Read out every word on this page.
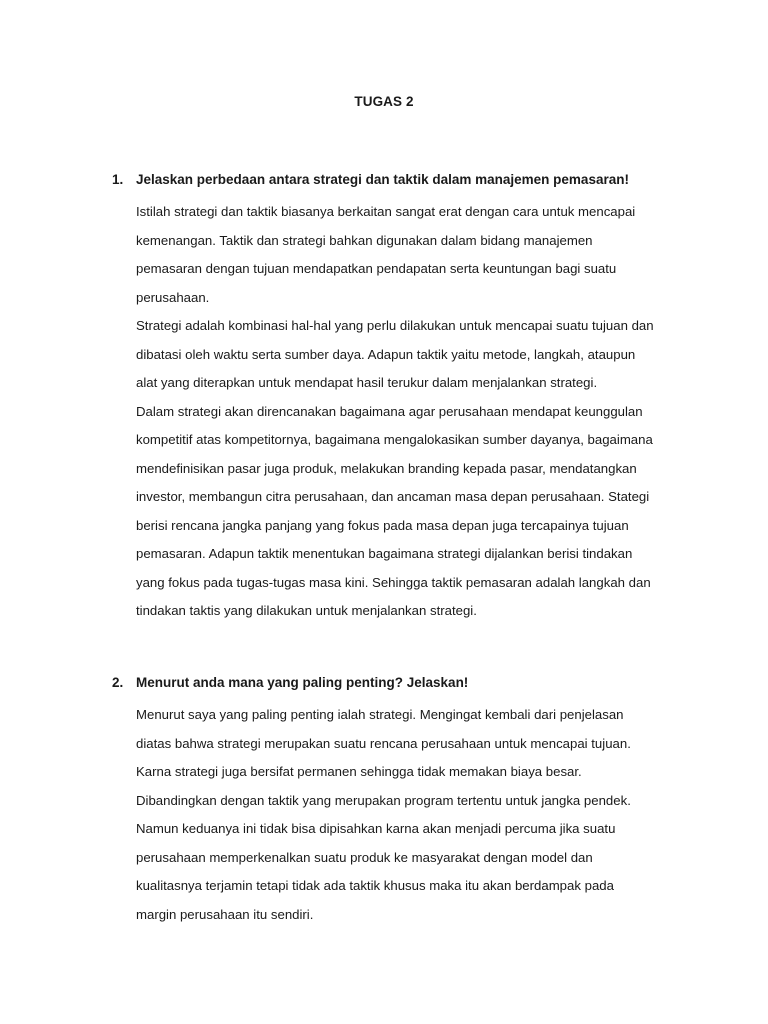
TUGAS 2
1. Jelaskan perbedaan antara strategi dan taktik dalam manajemen pemasaran!
Istilah strategi dan taktik biasanya berkaitan sangat erat dengan cara untuk mencapai
kemenangan. Taktik dan strategi bahkan digunakan dalam bidang manajemen
pemasaran dengan tujuan mendapatkan pendapatan serta keuntungan bagi suatu
perusahaan.
Strategi adalah kombinasi hal-hal yang perlu dilakukan untuk mencapai suatu tujuan dan
dibatasi oleh waktu serta sumber daya. Adapun taktik yaitu metode, langkah, ataupun
alat yang diterapkan untuk mendapat hasil terukur dalam menjalankan strategi.
Dalam strategi akan direncanakan bagaimana agar perusahaan mendapat keunggulan
kompetitif atas kompetitornya, bagaimana mengalokasikan sumber dayanya, bagaimana
mendefinisikan pasar juga produk, melakukan branding kepada pasar, mendatangkan
investor, membangun citra perusahaan, dan ancaman masa depan perusahaan. Stategi
berisi rencana jangka panjang yang fokus pada masa depan juga tercapainya tujuan
pemasaran. Adapun taktik menentukan bagaimana strategi dijalankan berisi tindakan
yang fokus pada tugas-tugas masa kini. Sehingga taktik pemasaran adalah langkah dan
tindakan taktis yang dilakukan untuk menjalankan strategi.
2. Menurut anda mana yang paling penting? Jelaskan!
Menurut saya yang paling penting ialah strategi. Mengingat kembali dari penjelasan
diatas bahwa strategi merupakan suatu rencana perusahaan untuk mencapai tujuan.
Karna strategi juga bersifat permanen sehingga tidak memakan biaya besar.
Dibandingkan dengan taktik yang merupakan program tertentu untuk jangka pendek.
Namun keduanya ini tidak bisa dipisahkan karna akan menjadi percuma jika suatu
perusahaan memperkenalkan suatu produk ke masyarakat dengan model dan
kualitasnya terjamin tetapi tidak ada taktik khusus maka itu akan berdampak pada
margin perusahaan itu sendiri.
